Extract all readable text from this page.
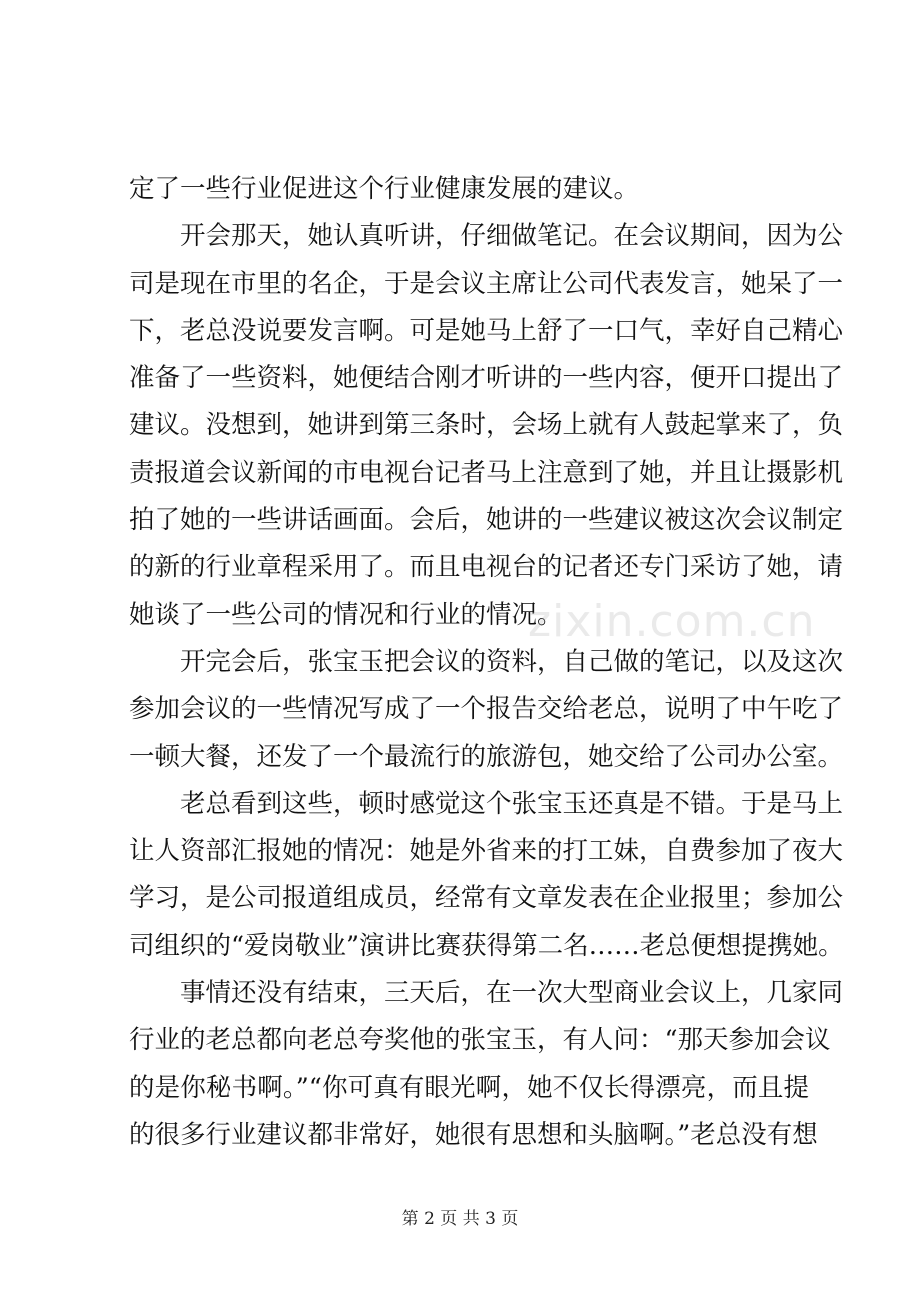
定了一些行业促进这个行业健康发展的建议。
开会那天，她认真听讲，仔细做笔记。在会议期间，因为公
司是现在市里的名企，于是会议主席让公司代表发言，她呆了一
下，老总没说要发言啊。可是她马上舒了一口气，幸好自己精心
准备了一些资料，她便结合刚才听讲的一些内容，便开口提出了
建议。没想到，她讲到第三条时，会场上就有人鼓起掌来了，负
责报道会议新闻的市电视台记者马上注意到了她，并且让摄影机
拍了她的一些讲话画面。会后，她讲的一些建议被这次会议制定
的新的行业章程采用了。而且电视台的记者还专门采访了她，请
她谈了一些公司的情况和行业的情况。
开完会后，张宝玉把会议的资料，自己做的笔记，以及这次
参加会议的一些情况写成了一个报告交给老总，说明了中午吃了
一顿大餐，还发了一个最流行的旅游包，她交给了公司办公室。
老总看到这些，顿时感觉这个张宝玉还真是不错。于是马上
让人资部汇报她的情况：她是外省来的打工妹，自费参加了夜大
学习，是公司报道组成员，经常有文章发表在企业报里；参加公
司组织的“爱岗敬业”演讲比赛获得第二名……老总便想提携她。
事情还没有结束，三天后，在一次大型商业会议上，几家同
行业的老总都向老总夸奖他的张宝玉，有人问：“那天参加会议
的是你秘书啊。”“你可真有眼光啊，她不仅长得漂亮，而且提
的很多行业建议都非常好，她很有思想和头脑啊。”老总没有想
zixin.com.cn
第 2 页 共 3 页
